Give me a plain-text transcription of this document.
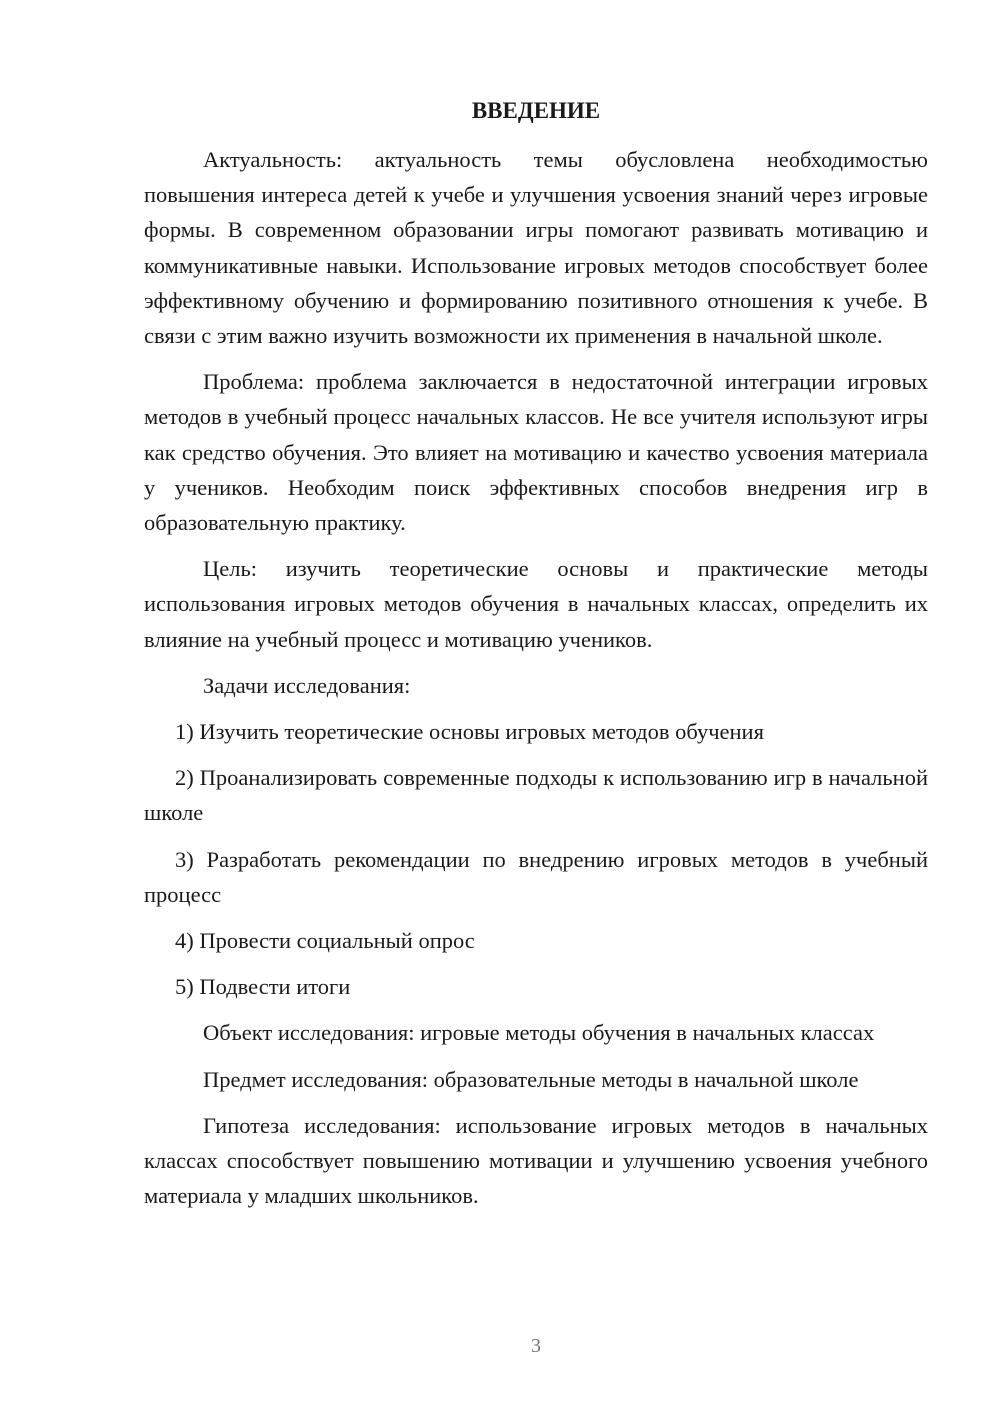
ВВЕДЕНИЕ

Актуальность: актуальность темы обусловлена необходимостью повышения интереса детей к учебе и улучшения усвоения знаний через игровые формы. В современном образовании игры помогают развивать мотивацию и коммуникативные навыки. Использование игровых методов способствует более эффективному обучению и формированию позитивного отношения к учебе. В связи с этим важно изучить возможности их применения в начальной школе.

Проблема: проблема заключается в недостаточной интеграции игровых методов в учебный процесс начальных классов. Не все учителя используют игры как средство обучения. Это влияет на мотивацию и качество усвоения материала у учеников. Необходим поиск эффективных способов внедрения игр в образовательную практику.

Цель: изучить теоретические основы и практические методы использования игровых методов обучения в начальных классах, определить их влияние на учебный процесс и мотивацию учеников.

Задачи исследования:

1) Изучить теоретические основы игровых методов обучения

2) Проанализировать современные подходы к использованию игр в начальной школе

3) Разработать рекомендации по внедрению игровых методов в учебный процесс

4) Провести социальный опрос

5) Подвести итоги

Объект исследования: игровые методы обучения в начальных классах

Предмет исследования: образовательные методы в начальной школе

Гипотеза исследования: использование игровых методов в начальных классах способствует повышению мотивации и улучшению усвоения учебного материала у младших школьников.

3
